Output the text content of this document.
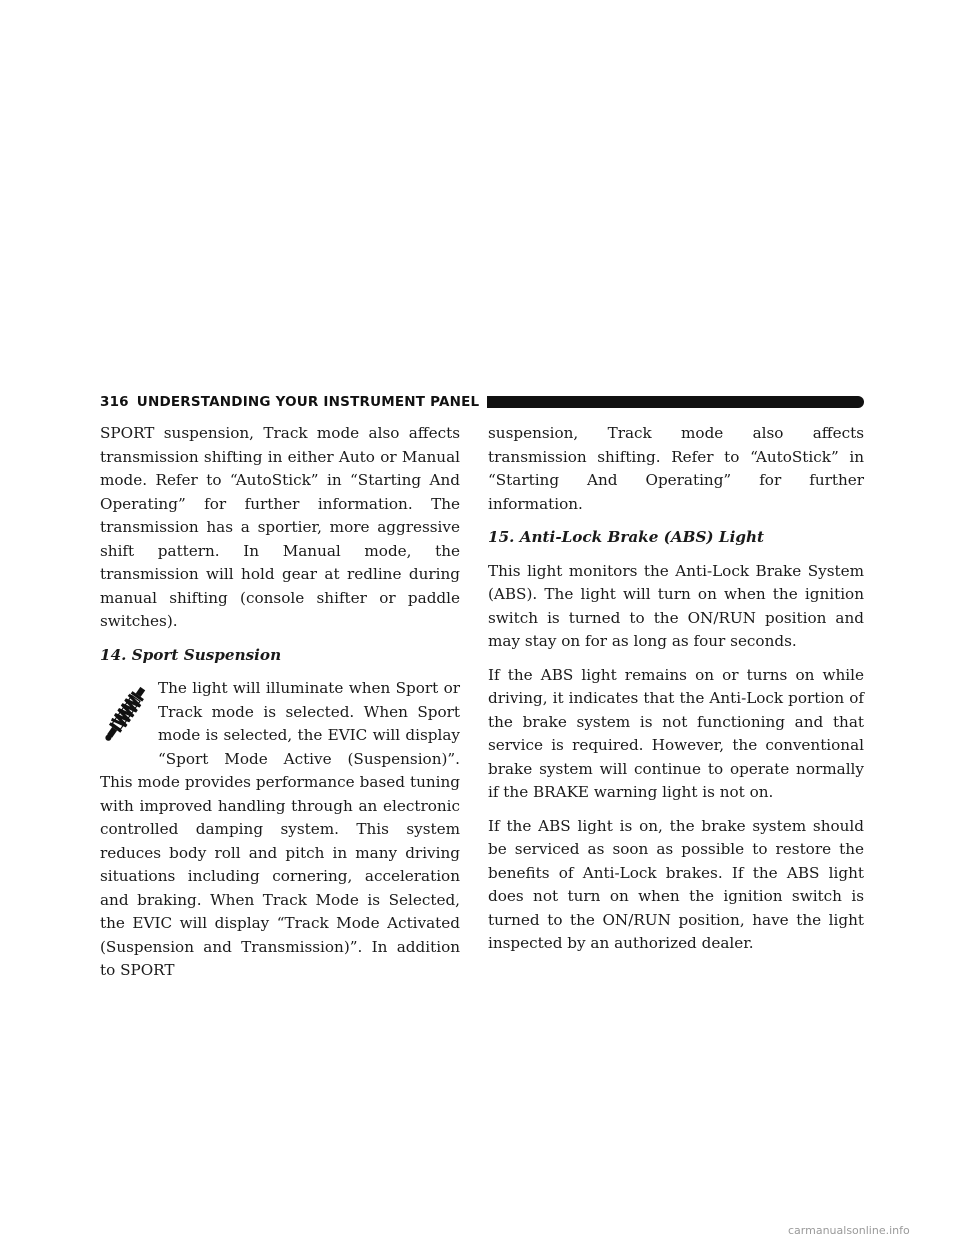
316 UNDERSTANDING YOUR INSTRUMENT PANEL

SPORT suspension, Track mode also affects transmission shifting in either Auto or Manual mode. Refer to “AutoStick” in “Starting And Operating” for further information. The transmission has a sportier, more aggressive shift pattern. In Manual mode, the transmission will hold gear at redline during manual shifting (console shifter or paddle switches).

14. Sport Suspension

The light will illuminate when Sport or Track mode is selected. When Sport mode is selected, the EVIC will display “Sport Mode Active (Suspension)”. This mode provides performance based tuning with improved handling through an electronic controlled damping system. This system reduces body roll and pitch in many driving situations including cornering, acceleration and braking. When Track Mode is Selected, the EVIC will display “Track Mode Activated (Suspension and Transmission)”. In addition to SPORT

suspension, Track mode also affects transmission shifting. Refer to “AutoStick” in “Starting And Operating” for further information.

15. Anti-Lock Brake (ABS) Light

This light monitors the Anti-Lock Brake System (ABS). The light will turn on when the ignition switch is turned to the ON/RUN position and may stay on for as long as four seconds.

If the ABS light remains on or turns on while driving, it indicates that the Anti-Lock portion of the brake system is not functioning and that service is required. However, the conventional brake system will continue to operate normally if the BRAKE warning light is not on.

If the ABS light is on, the brake system should be serviced as soon as possible to restore the benefits of Anti-Lock brakes. If the ABS light does not turn on when the ignition switch is turned to the ON/RUN position, have the light inspected by an authorized dealer.

carmanualsonline.info
